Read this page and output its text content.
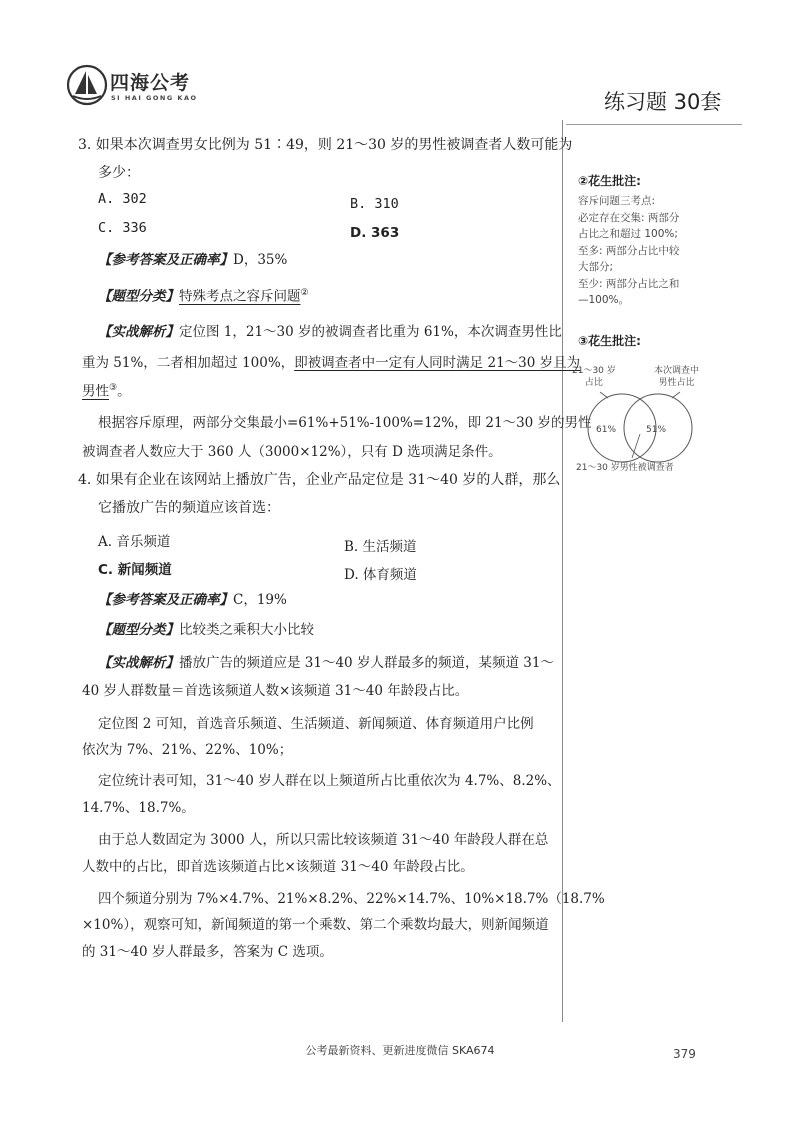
四海公考
SI HAI GONG KAO	练习题 30套
3. 如果本次调查男女比例为 51∶49，则 21～30 岁的男性被调查者人数可能为
多少：
A. 302	B. 310
C. 336	D. 363
【参考答案及正确率】D，35%
【题型分类】特殊考点之容斥问题②
【实战解析】定位图 1，21～30 岁的被调查者比重为 61%，本次调查男性比
重为 51%，二者相加超过 100%，即被调查者中一定有人同时满足 21～30 岁且为
男性③。
根据容斥原理，两部分交集最小=61%+51%-100%=12%，即 21～30 岁的男性
被调查者人数应大于 360 人（3000×12%），只有 D 选项满足条件。
4. 如果有企业在该网站上播放广告，企业产品定位是 31～40 岁的人群，那么
它播放广告的频道应该首选：
A. 音乐频道	B. 生活频道
C. 新闻频道	D. 体育频道
【参考答案及正确率】C，19%
【题型分类】比较类之乘积大小比较
【实战解析】播放广告的频道应是 31～40 岁人群最多的频道，某频道 31～
40 岁人群数量＝首选该频道人数×该频道 31～40 年龄段占比。
定位图 2 可知，首选音乐频道、生活频道、新闻频道、体育频道用户比例
依次为 7%、21%、22%、10%；
定位统计表可知，31～40 岁人群在以上频道所占比重依次为 4.7%、8.2%、
14.7%、18.7%。
由于总人数固定为 3000 人，所以只需比较该频道 31～40 年龄段人群在总
人数中的占比，即首选该频道占比×该频道 31～40 年龄段占比。
四个频道分别为 7%×4.7%、21%×8.2%、22%×14.7%、10%×18.7%（18.7%
×10%），观察可知，新闻频道的第一个乘数、第二个乘数均最大，则新闻频道
的 31～40 岁人群最多，答案为 C 选项。
②花生批注:
容斥问题三考点:
必定存在交集: 两部分
占比之和超过 100%;
至多: 两部分占比中较
大部分;
至少: 两部分占比之和
—100%。
③花生批注:
21～30 岁
占比
本次调查中
男性占比
61%	51%
21～30 岁男性被调查者
公考最新资料、更新进度微信 SKA674	379
